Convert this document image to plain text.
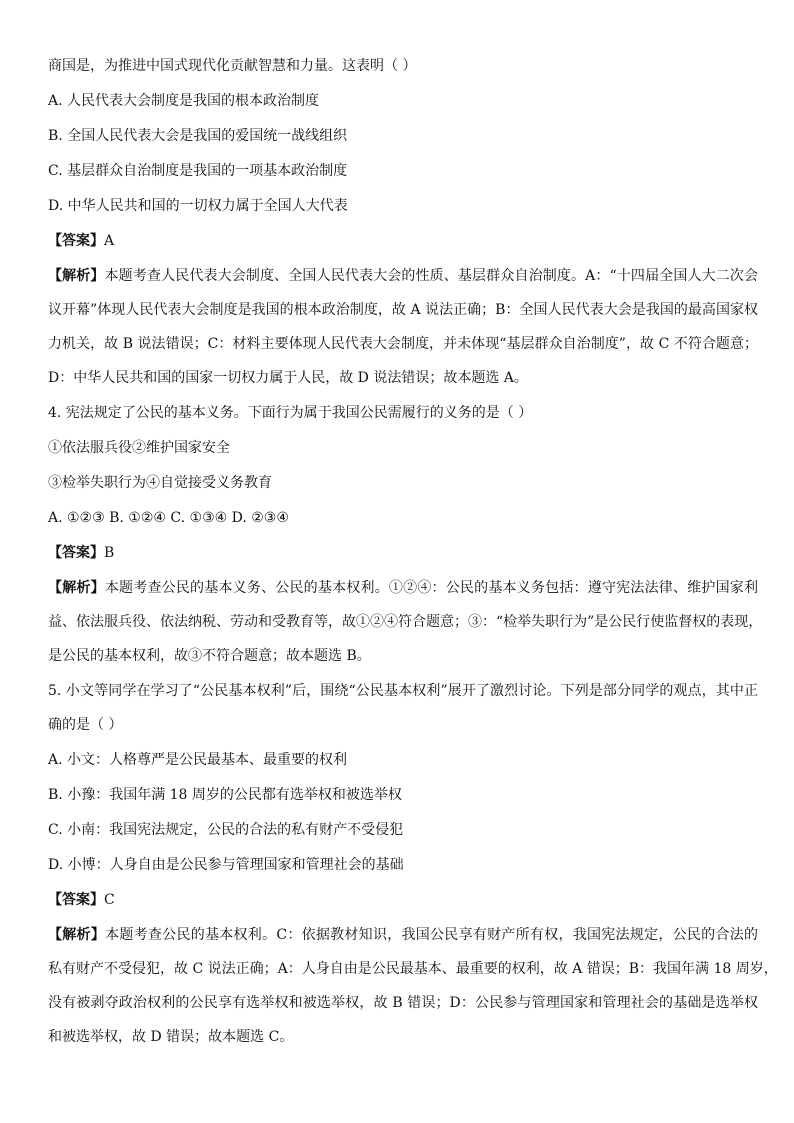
商国是，为推进中国式现代化贡献智慧和力量。这表明（ ）
A. 人民代表大会制度是我国的根本政治制度
B. 全国人民代表大会是我国的爱国统一战线组织
C. 基层群众自治制度是我国的一项基本政治制度
D. 中华人民共和国的一切权力属于全国人大代表
【答案】A
【解析】本题考查人民代表大会制度、全国人民代表大会的性质、基层群众自治制度。A：“十四届全国人大二次会
议开幕”体现人民代表大会制度是我国的根本政治制度，故 A 说法正确；B：全国人民代表大会是我国的最高国家权
力机关，故 B 说法错误；C：材料主要体现人民代表大会制度，并未体现“基层群众自治制度”，故 C 不符合题意；
D：中华人民共和国的国家一切权力属于人民，故 D 说法错误；故本题选 A。
4. 宪法规定了公民的基本义务。下面行为属于我国公民需履行的义务的是（ ）
①依法服兵役②维护国家安全
③检举失职行为④自觉接受义务教育
A. ①②③ B. ①②④ C. ①③④ D. ②③④
【答案】B
【解析】本题考查公民的基本义务、公民的基本权利。①②④：公民的基本义务包括：遵守宪法法律、维护国家利
益、依法服兵役、依法纳税、劳动和受教育等，故①②④符合题意；③：“检举失职行为”是公民行使监督权的表现，
是公民的基本权利，故③不符合题意；故本题选 B。
5. 小文等同学在学习了“公民基本权利”后，围绕“公民基本权利”展开了激烈讨论。下列是部分同学的观点，其中正
确的是（ ）
A. 小文：人格尊严是公民最基本、最重要的权利
B. 小豫：我国年满 18 周岁的公民都有选举权和被选举权
C. 小南：我国宪法规定，公民的合法的私有财产不受侵犯
D. 小博：人身自由是公民参与管理国家和管理社会的基础
【答案】C
【解析】本题考查公民的基本权利。C：依据教材知识，我国公民享有财产所有权，我国宪法规定，公民的合法的
私有财产不受侵犯，故 C 说法正确；A：人身自由是公民最基本、最重要的权利，故 A 错误；B：我国年满 18 周岁，
没有被剥夺政治权利的公民享有选举权和被选举权，故 B 错误；D：公民参与管理国家和管理社会的基础是选举权
和被选举权，故 D 错误；故本题选 C。
